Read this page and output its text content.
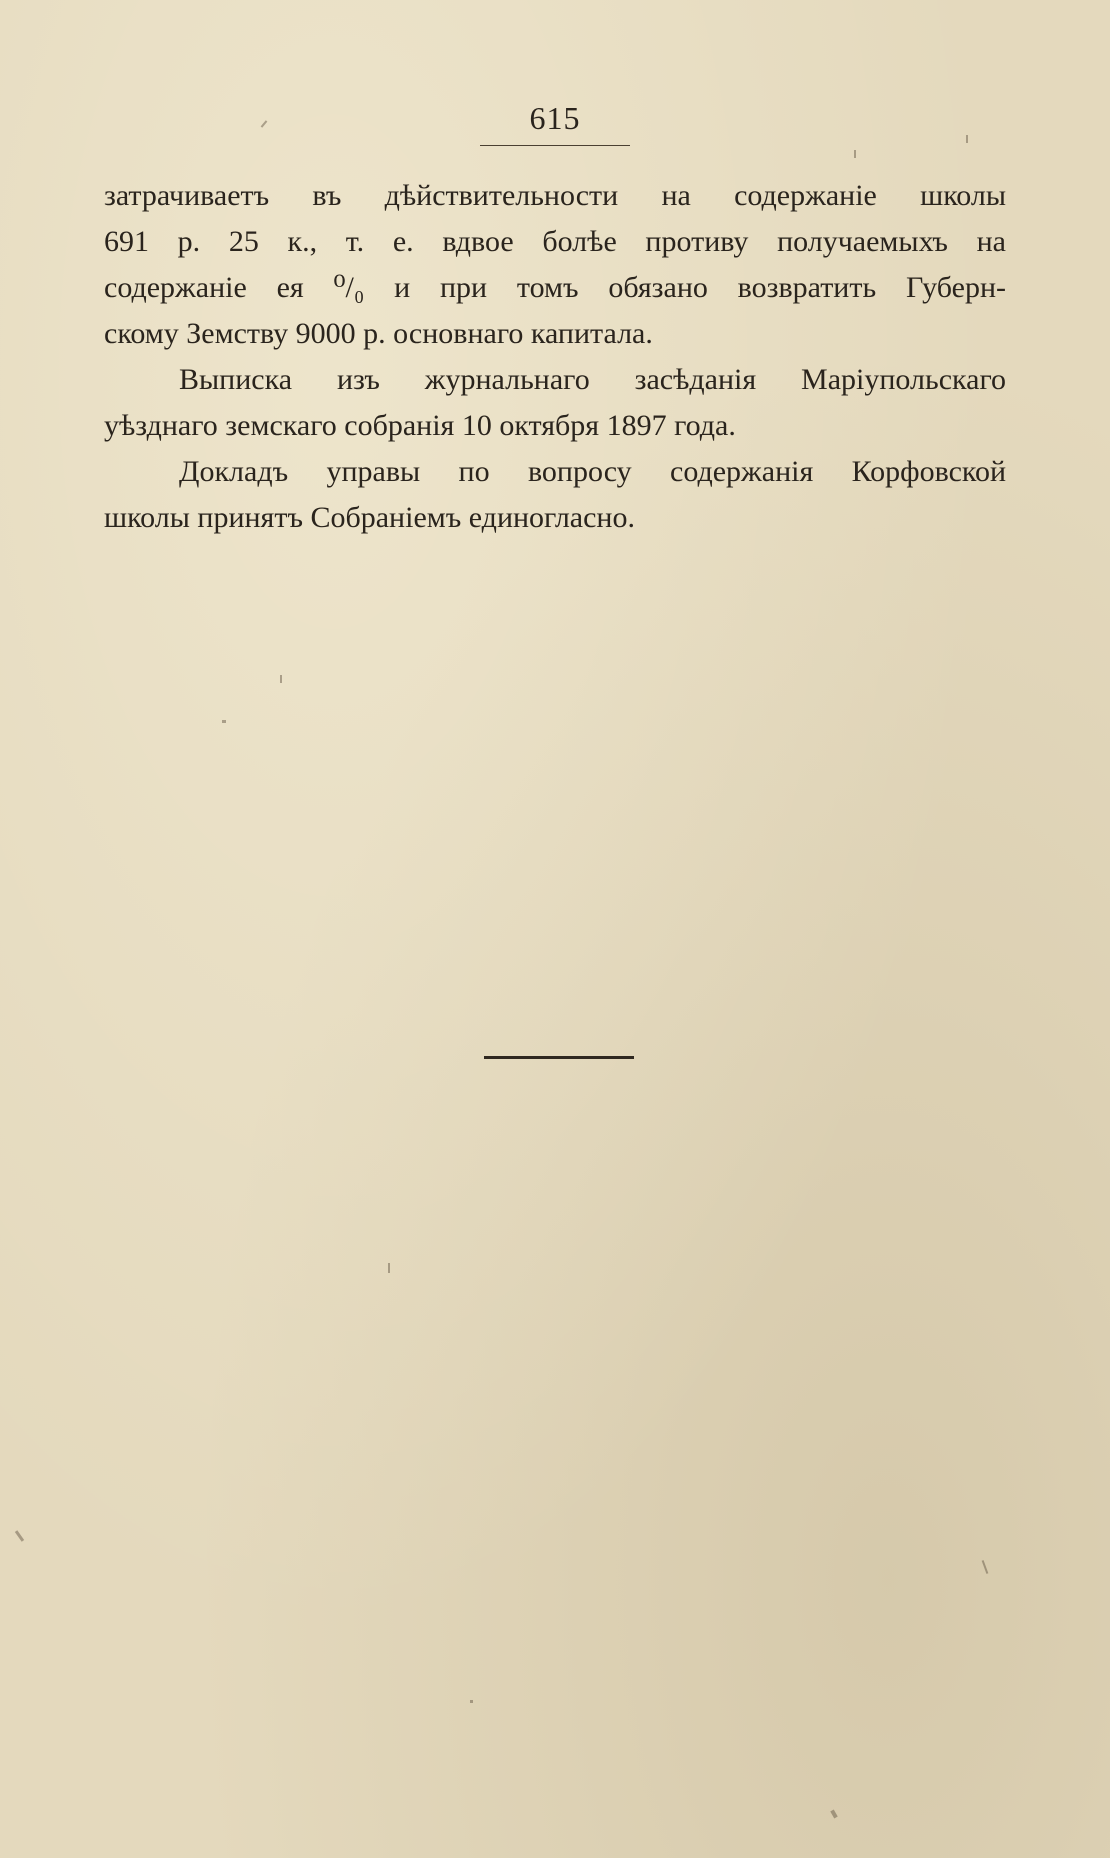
615
затрачиваетъ въ дѣйствительности на содержаніе школы
691 р. 25 к., т. е. вдвое болѣе противу получаемыхъ на
содержаніе ея ⁰/₀ и при томъ обязано возвратить Губерн-
скому Земству 9000 р. основнаго капитала.
Выписка изъ журнальнаго засѣданія Маріупольскаго
уѣзднаго земскаго собранія 10 октября 1897 года.
Докладъ управы по вопросу содержанія Корфовской
школы принятъ Собраніемъ единогласно.
